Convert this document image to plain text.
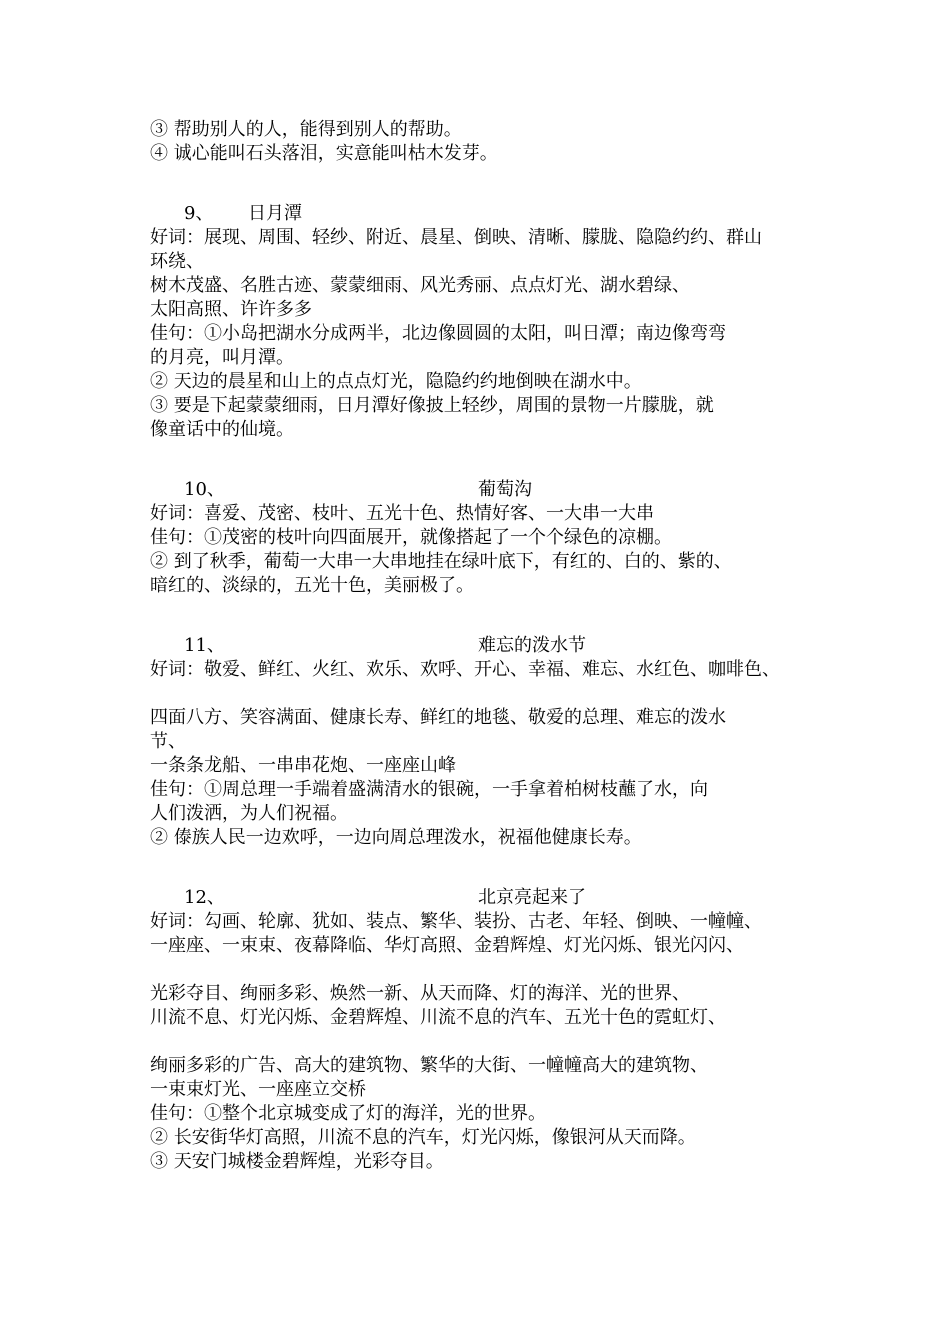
③ 帮助别人的人，能得到别人的帮助。
④ 诚心能叫石头落泪，实意能叫枯木发芽。
9、 日月潭
好词：展现、周围、轻纱、附近、晨星、倒映、清晰、朦胧、隐隐约约、群山
环绕、
树木茂盛、名胜古迹、蒙蒙细雨、风光秀丽、点点灯光、湖水碧绿、
太阳高照、许许多多
佳句：①小岛把湖水分成两半，北边像圆圆的太阳，叫日潭；南边像弯弯
的月亮，叫月潭。
② 天边的晨星和山上的点点灯光，隐隐约约地倒映在湖水中。
③ 要是下起蒙蒙细雨，日月潭好像披上轻纱，周围的景物一片朦胧，就
像童话中的仙境。
10、	葡萄沟
好词：喜爱、茂密、枝叶、五光十色、热情好客、一大串一大串
佳句：①茂密的枝叶向四面展开，就像搭起了一个个绿色的凉棚。
② 到了秋季，葡萄一大串一大串地挂在绿叶底下，有红的、白的、紫的、
暗红的、淡绿的，五光十色，美丽极了。
11、	难忘的泼水节
好词：敬爱、鲜红、火红、欢乐、欢呼、开心、幸福、难忘、水红色、咖啡色、
四面八方、笑容满面、健康长寿、鲜红的地毯、敬爱的总理、难忘的泼水
节、
一条条龙船、一串串花炮、一座座山峰
佳句：①周总理一手端着盛满清水的银碗，一手拿着柏树枝蘸了水，向
人们泼洒，为人们祝福。
② 傣族人民一边欢呼，一边向周总理泼水，祝福他健康长寿。
12、	北京亮起来了
好词：勾画、轮廓、犹如、装点、繁华、装扮、古老、年轻、倒映、一幢幢、
一座座、一束束、夜幕降临、华灯高照、金碧辉煌、灯光闪烁、银光闪闪、
光彩夺目、绚丽多彩、焕然一新、从天而降、灯的海洋、光的世界、
川流不息、灯光闪烁、金碧辉煌、川流不息的汽车、五光十色的霓虹灯、
绚丽多彩的广告、高大的建筑物、繁华的大街、一幢幢高大的建筑物、
一束束灯光、一座座立交桥
佳句：①整个北京城变成了灯的海洋，光的世界。
② 长安街华灯高照，川流不息的汽车，灯光闪烁，像银河从天而降。
③ 天安门城楼金碧辉煌，光彩夺目。
